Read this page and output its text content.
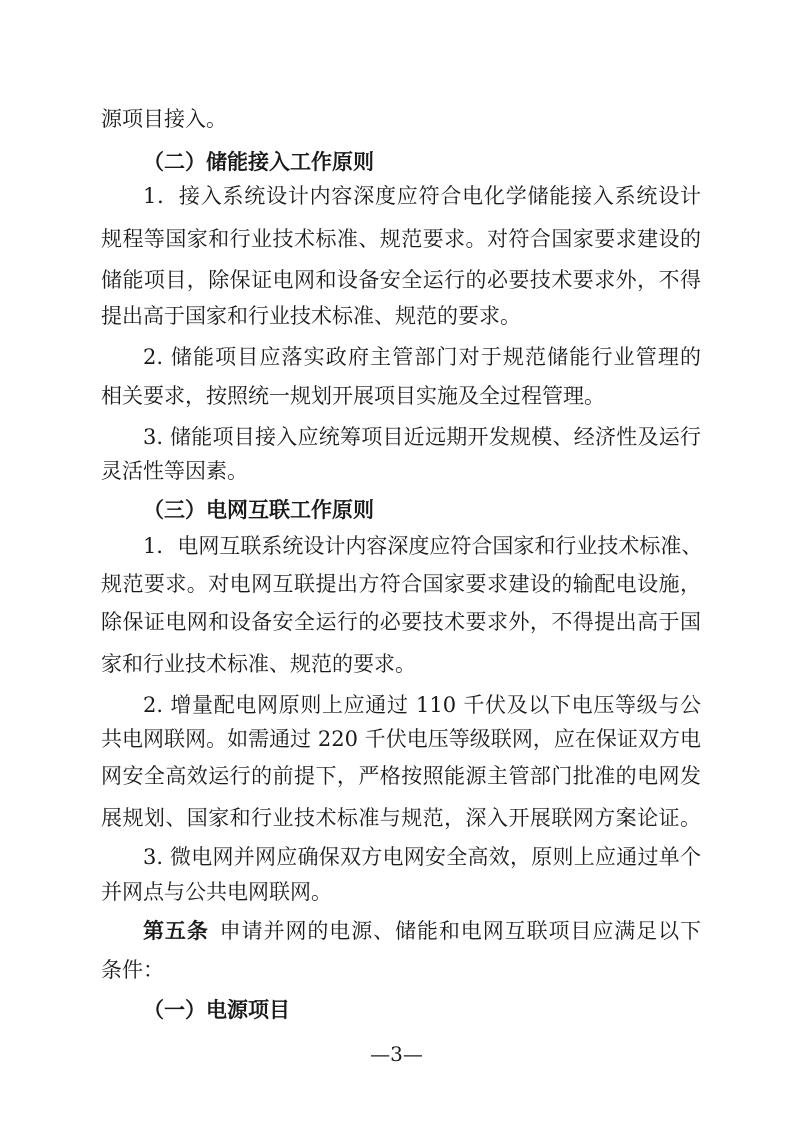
源项目接入。
（二）储能接入工作原则
1．接入系统设计内容深度应符合电化学储能接入系统设计
规程等国家和行业技术标准、规范要求。对符合国家要求建设的
储能项目，除保证电网和设备安全运行的必要技术要求外，不得
提出高于国家和行业技术标准、规范的要求。
2. 储能项目应落实政府主管部门对于规范储能行业管理的
相关要求，按照统一规划开展项目实施及全过程管理。
3. 储能项目接入应统筹项目近远期开发规模、经济性及运行
灵活性等因素。
（三）电网互联工作原则
1．电网互联系统设计内容深度应符合国家和行业技术标准、
规范要求。对电网互联提出方符合国家要求建设的输配电设施，
除保证电网和设备安全运行的必要技术要求外，不得提出高于国
家和行业技术标准、规范的要求。
2. 增量配电网原则上应通过 110 千伏及以下电压等级与公
共电网联网。如需通过 220 千伏电压等级联网，应在保证双方电
网安全高效运行的前提下，严格按照能源主管部门批准的电网发
展规划、国家和行业技术标准与规范，深入开展联网方案论证。
3. 微电网并网应确保双方电网安全高效，原则上应通过单个
并网点与公共电网联网。
第五条 申请并网的电源、储能和电网互联项目应满足以下
条件：
（一）电源项目
—3—
